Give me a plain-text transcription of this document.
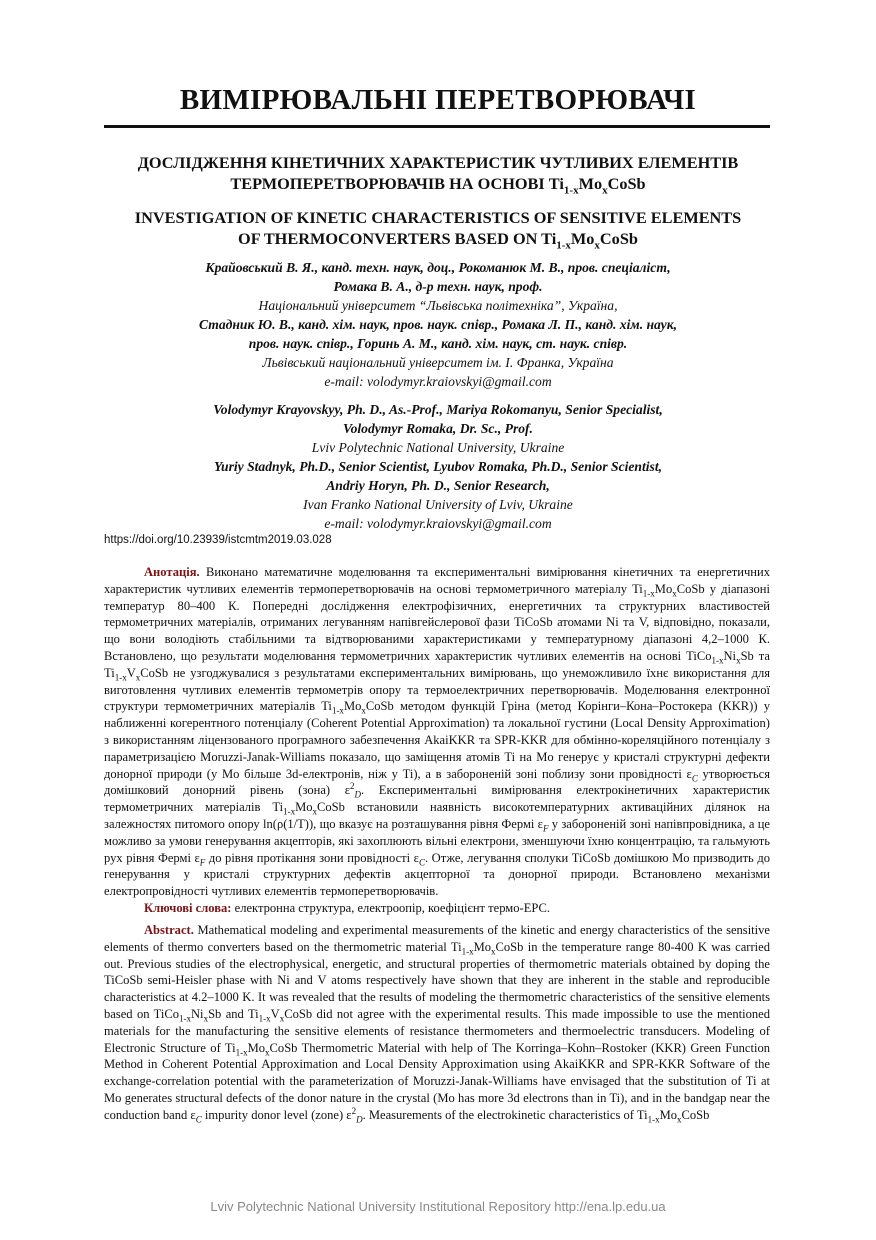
ВИМІРЮВАЛЬНІ ПЕРЕТВОРЮВАЧІ
ДОСЛІДЖЕННЯ КІНЕТИЧНИХ ХАРАКТЕРИСТИК ЧУТЛИВИХ ЕЛЕМЕНТІВ
ТЕРМОПЕРЕТВОРЮВАЧІВ НА ОСНОВІ $Ti_{1-x}Mo_xCoSb$
INVESTIGATION OF KINETIC CHARACTERISTICS OF SENSITIVE ELEMENTS
OF THERMOCONVERTERS BASED ON $Ti_{1-x}Mo_xCoSb$
Крайовський В. Я., канд. техн. наук, доц., Рокоманюк М. В., пров. спеціаліст,
Ромака В. А., д-р техн. наук, проф.
Національний університет “Львівська політехніка”, Україна,
Стадник Ю. В., канд. хім. наук, пров. наук. співр., Ромака Л. П., канд. хім. наук,
пров. наук. співр., Горинь А. М., канд. хім. наук, ст. наук. співр.
Львівський національний університет ім. І. Франка, Україна
e-mail: volodymyr.kraiovskyi@gmail.com
Volodymyr Krayovskyy, Ph. D., As.-Prof., Mariya Rokomanyu, Senior Specialist,
Volodymyr Romaka, Dr. Sc., Prof.
Lviv Polytechnic National University, Ukraine
Yuriy Stadnyk, Ph.D., Senior Scientist, Lyubov Romaka, Ph.D., Senior Scientist,
Andriy Horyn, Ph. D., Senior Research,
Ivan Franko National University of Lviv, Ukraine
e-mail: volodymyr.kraiovskyi@gmail.com
https://doi.org/10.23939/istcmtm2019.03.028

Анотація. Виконано математичне моделювання та експериментальні вимірювання кінетичних та енергетичних характеристик чутливих елементів термоперетворювачів на основі термометричного матеріалу $Ti_{1-x}Mo_xCoSb$ у діапазоні температур 80–400 К. Попередні дослідження електрофізичних, енергетичних та структурних властивостей термометричних матеріалів, отриманих легуванням напівгейслерової фази TiCoSb атомами Ni та V, відповідно, показали, що вони володіють стабільними та відтворюваними характеристиками у температурному діапазоні 4,2–1000 К. Встановлено, що результати моделювання термометричних характеристик чутливих елементів на основі $TiCo_{1-x}Ni_xSb$ та $Ti_{1-x}V_xCoSb$ не узгоджувалися з результатами експериментальних вимірювань, що унеможливило їхнє використання для виготовлення чутливих елементів термометрів опору та термоелектричних перетворювачів. Моделювання електронної структури термометричних матеріалів $Ti_{1-x}Mo_xCoSb$ методом функцій Гріна (метод Корінги–Кона–Ростокера (KKR)) у наближенні когерентного потенціалу (Coherent Potential Approximation) та локальної густини (Local Density Approximation) з використанням ліцензованого програмного забезпечення AkaiKKR та SPR-KKR для обмінно-кореляційного потенціалу з параметризацією Moruzzi-Janak-Williams показало, що заміщення атомів Ti на Mo генерує у кристалі структурні дефекти донорної природи (у Mo більше 3d-електронів, ніж у Ti), а в забороненій зоні поблизу зони провідності $\varepsilon_C$ утворюється домішковий донорний рівень (зона) $\varepsilon^2_D$. Експериментальні вимірювання електрокінетичних характеристик термометричних матеріалів $Ti_{1-x}Mo_xCoSb$ встановили наявність високотемпературних активаційних ділянок на залежностях питомого опору ln(ρ(1/T)), що вказує на розташування рівня Фермі $\varepsilon_F$ у забороненій зоні напівпровідника, а це можливо за умови генерування акцепторів, які захоплюють вільні електрони, зменшуючи їхню концентрацію, та гальмують рух рівня Фермі $\varepsilon_F$ до рівня протікання зони провідності $\varepsilon_C$. Отже, легування сполуки TiCoSb домішкою Mo призводить до генерування у кристалі структурних дефектів акцепторної та донорної природи. Встановлено механізми електропровідності чутливих елементів термоперетворювачів.

Ключові слова: електронна структура, електроопір, коефіцієнт термо-ЕРС.

Abstract. Mathematical modeling and experimental measurements of the kinetic and energy characteristics of the sensitive elements of thermo converters based on the thermometric material $Ti_{1-x}Mo_xCoSb$ in the temperature range 80-400 K was carried out. Previous studies of the electrophysical, energetic, and structural properties of thermometric materials obtained by doping the TiCoSb semi-Heisler phase with Ni and V atoms respectively have shown that they are inherent in the stable and reproducible characteristics at 4.2–1000 K. It was revealed that the results of modeling the thermometric characteristics of the sensitive elements based on $TiCo_{1-x}Ni_xSb$ and $Ti_{1-x}V_xCoSb$ did not agree with the experimental results. This made impossible to use the mentioned materials for the manufacturing the sensitive elements of resistance thermometers and thermoelectric transducers. Modeling of Electronic Structure of $Ti_{1-x}Mo_xCoSb$ Thermometric Material with help of The Korringa–Kohn–Rostoker (KKR) Green Function Method in Coherent Potential Approximation and Local Density Approximation using AkaiKKR and SPR-KKR Software of the exchange-correlation potential with the parameterization of Moruzzi-Janak-Williams have envisaged that the substitution of Ti at Mo generates structural defects of the donor nature in the crystal (Mo has more 3d electrons than in Ti), and in the bandgap near the conduction band $\varepsilon_C$ impurity donor level (zone) $\varepsilon^2_D$. Measurements of the electrokinetic characteristics of $Ti_{1-x}Mo_xCoSb$

Lviv Polytechnic National University Institutional Repository http://ena.lp.edu.ua
